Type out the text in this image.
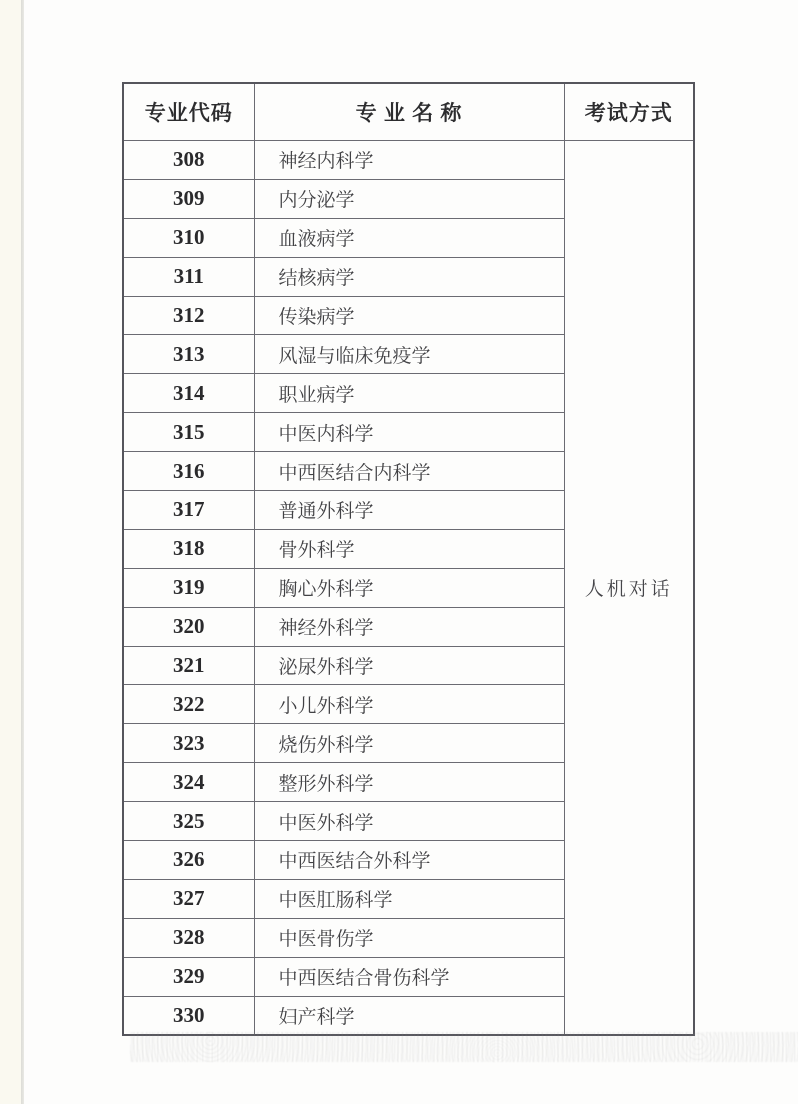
专业代码	专 业 名 称	考试方式
308	神经内科学	人机对话
309	内分泌学	
310	血液病学	
311	结核病学	
312	传染病学	
313	风湿与临床免疫学	
314	职业病学	
315	中医内科学	
316	中西医结合内科学	
317	普通外科学	
318	骨外科学	
319	胸心外科学	
320	神经外科学	
321	泌尿外科学	
322	小儿外科学	
323	烧伤外科学	
324	整形外科学	
325	中医外科学	
326	中西医结合外科学	
327	中医肛肠科学	
328	中医骨伤学	
329	中西医结合骨伤科学	
330	妇产科学	
